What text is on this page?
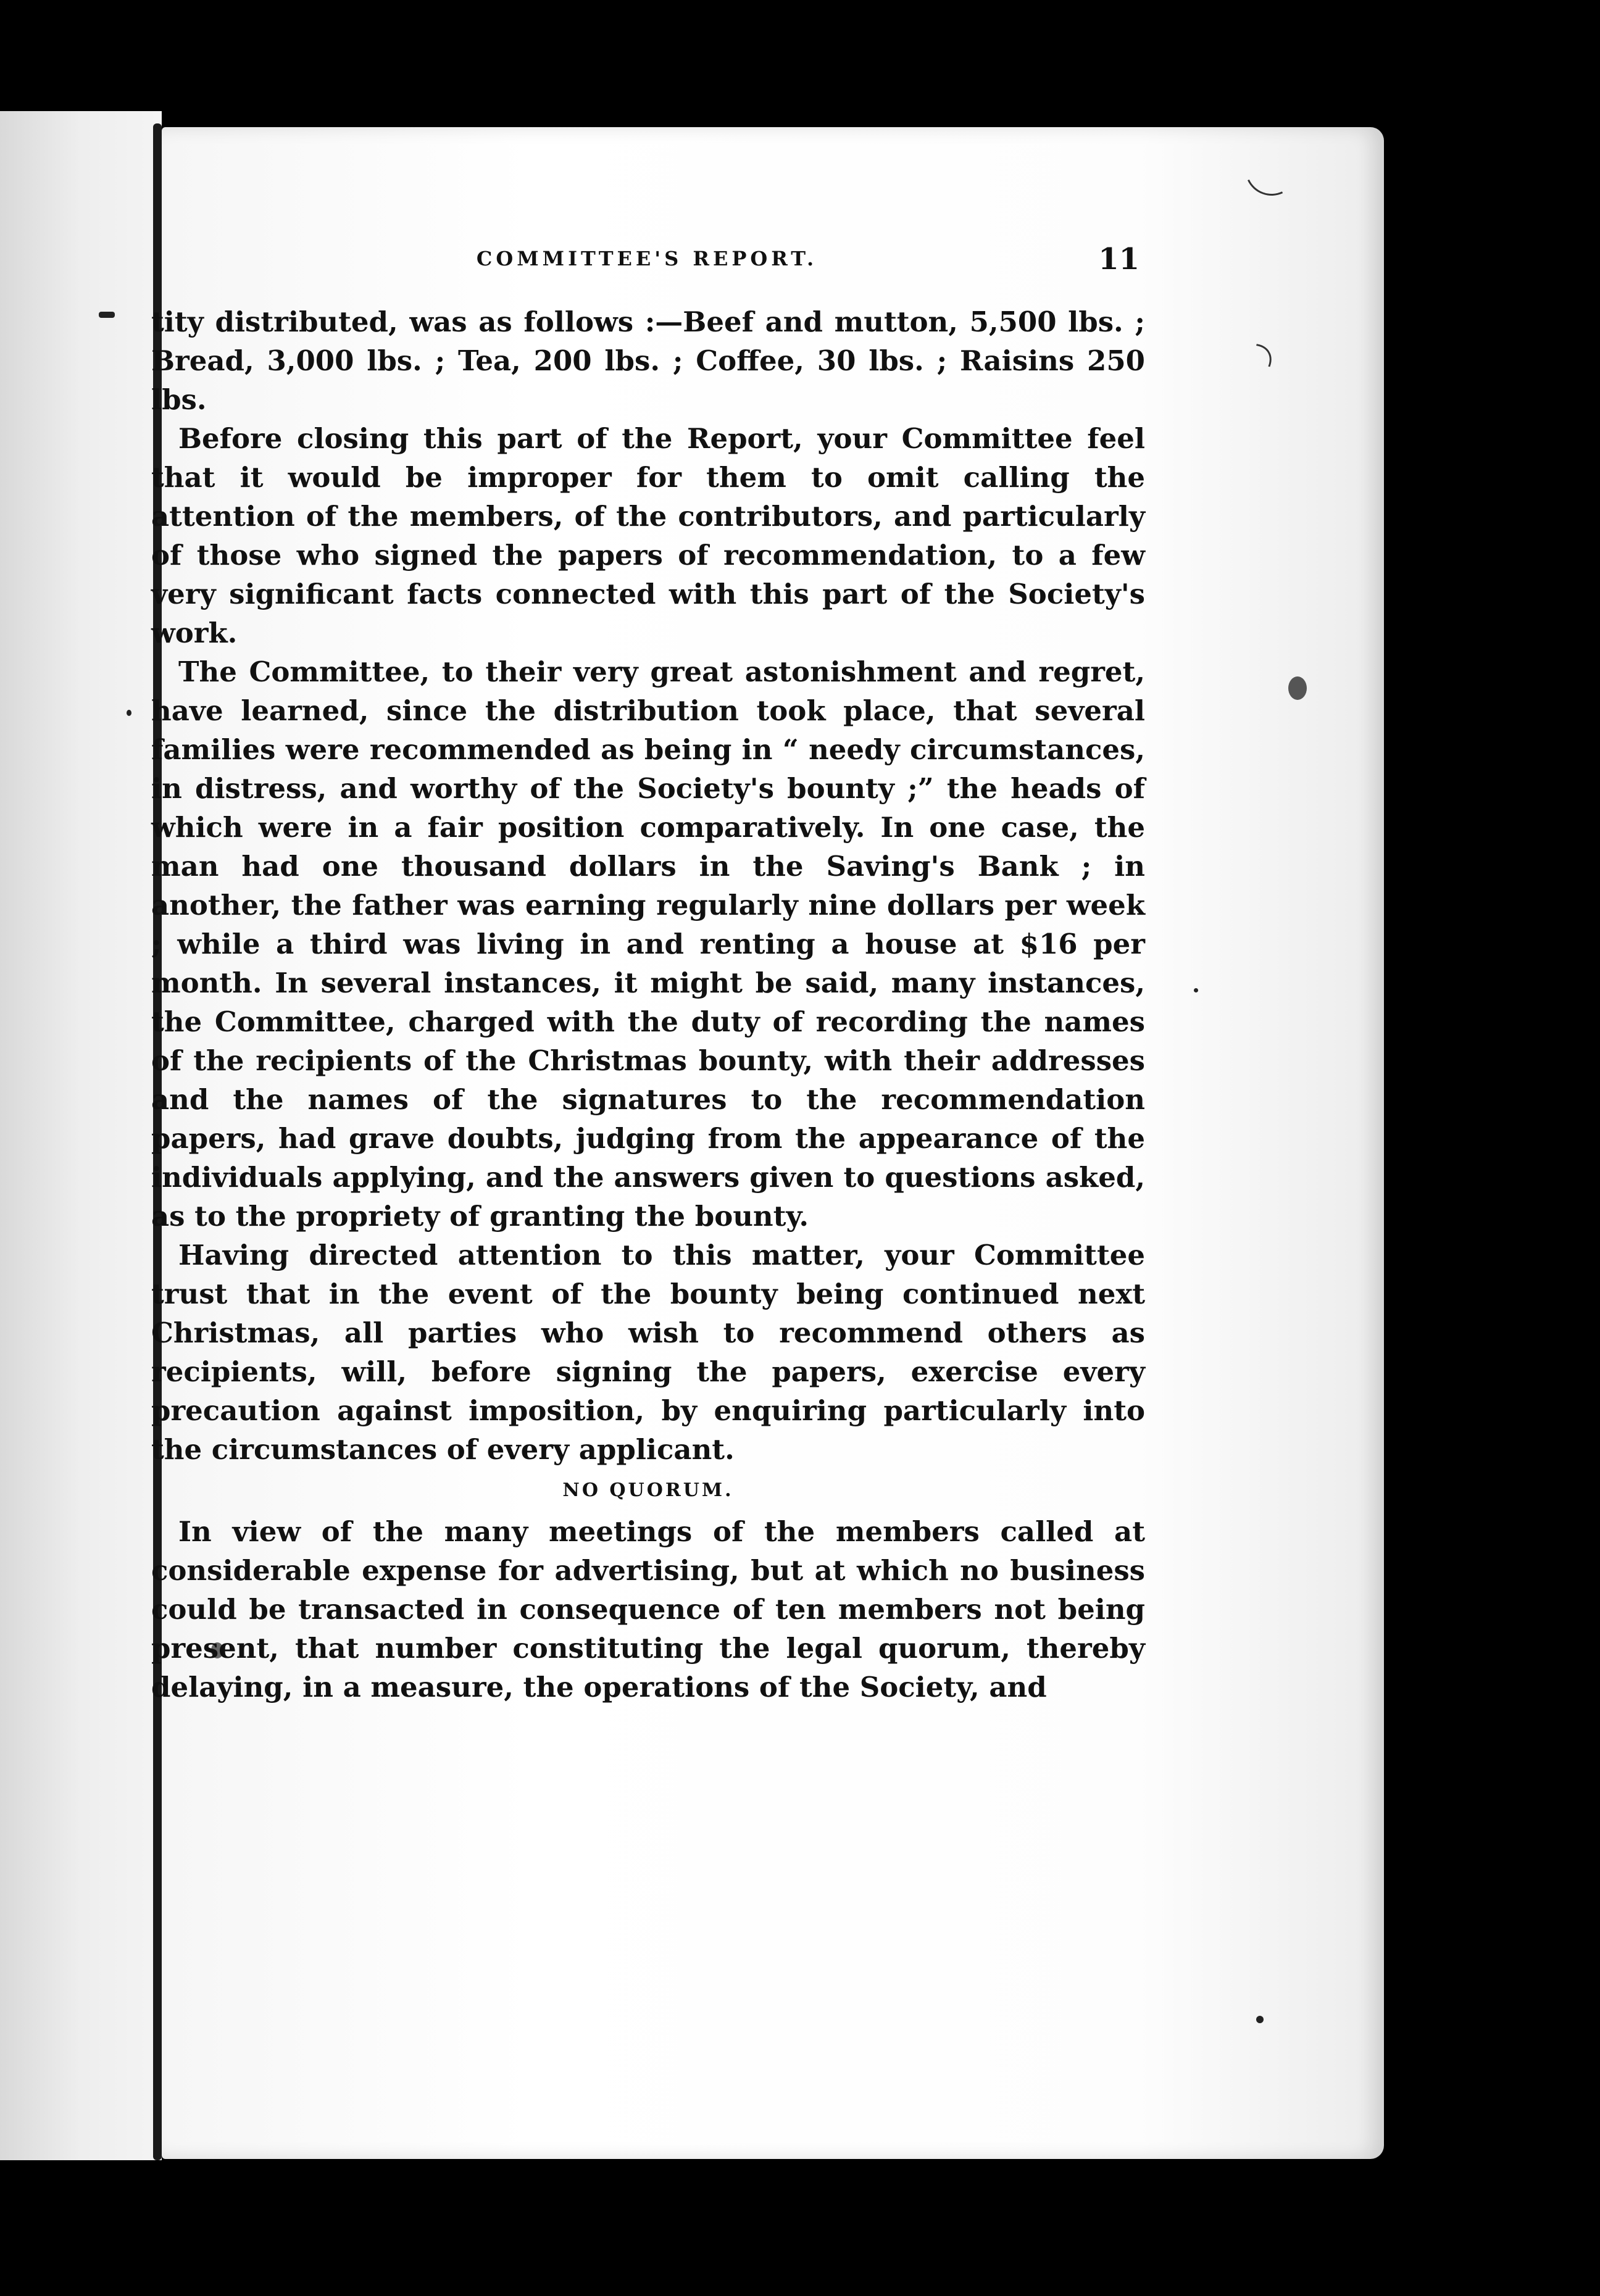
COMMITTEE'S REPORT.	11

tity distributed, was as follows :—Beef and mutton, 5,500 lbs. ; Bread, 3,000 lbs. ; Tea, 200 lbs. ; Coffee, 30 lbs. ; Raisins 250 lbs.

Before closing this part of the Report, your Committee feel that it would be improper for them to omit calling the attention of the members, of the contributors, and particularly of those who signed the papers of recommendation, to a few very significant facts connected with this part of the Society's work.

The Committee, to their very great astonishment and regret, have learned, since the distribution took place, that several families were recommended as being in “ needy circumstances, in distress, and worthy of the Society's bounty ;” the heads of which were in a fair position comparatively. In one case, the man had one thousand dollars in the Saving's Bank ; in another, the father was earning regularly nine dollars per week ; while a third was living in and renting a house at $16 per month. In several instances, it might be said, many instances, the Committee, charged with the duty of recording the names of the recipients of the Christmas bounty, with their addresses and the names of the signatures to the recommendation papers, had grave doubts, judging from the appearance of the individuals applying, and the answers given to questions asked, as to the propriety of granting the bounty.

Having directed attention to this matter, your Committee trust that in the event of the bounty being continued next Christmas, all parties who wish to recommend others as recipients, will, before signing the papers, exercise every precaution against imposition, by enquiring particularly into the circumstances of every applicant.

NO QUORUM.

In view of the many meetings of the members called at considerable expense for advertising, but at which no business could be transacted in consequence of ten members not being present, that number constituting the legal quorum, thereby delaying, in a measure, the operations of the Society, and
